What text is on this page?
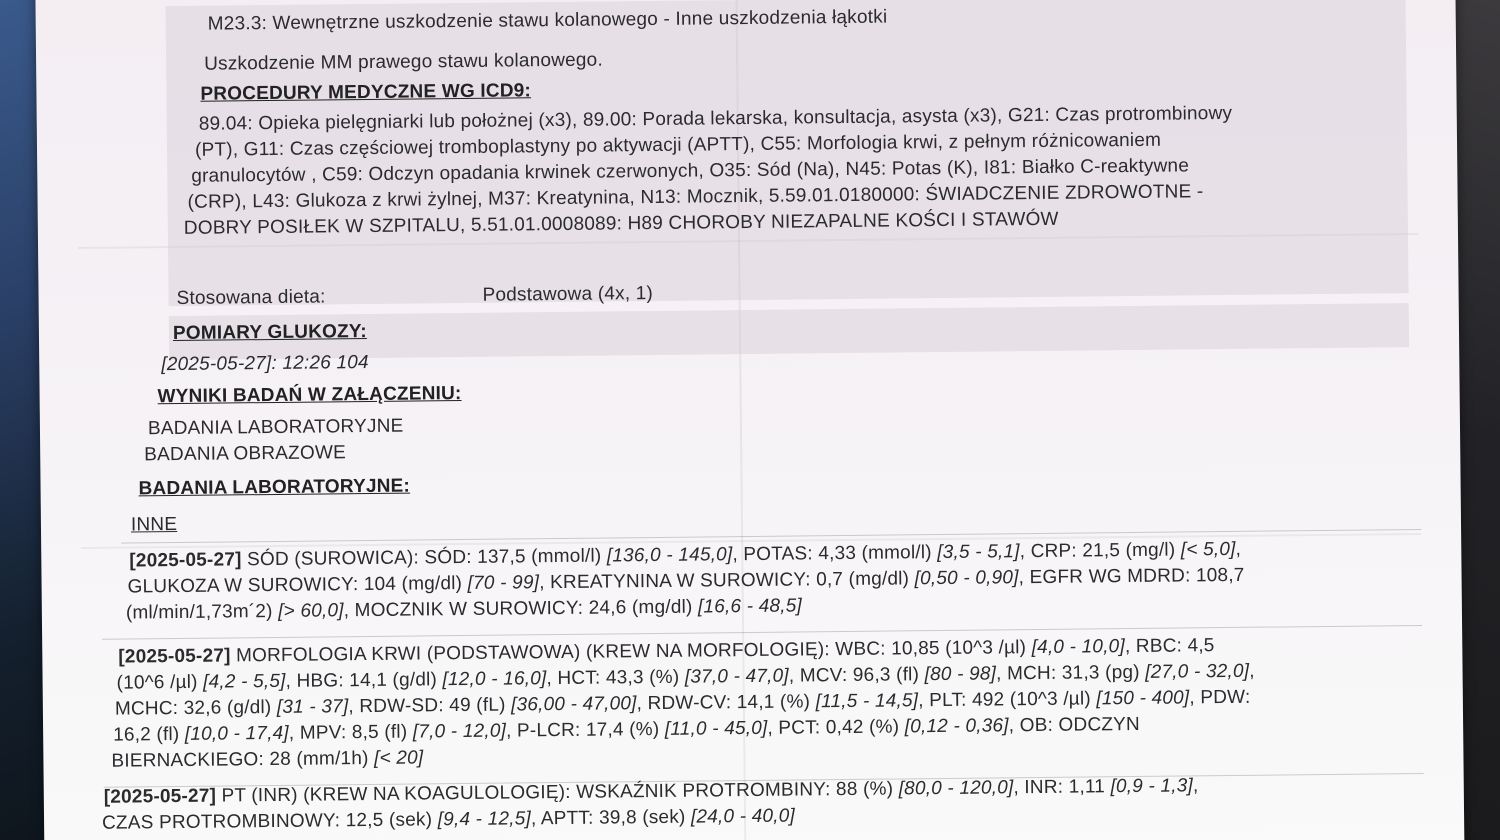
M23.3: Wewnętrzne uszkodzenie stawu kolanowego - Inne uszkodzenia łąkotki
Uszkodzenie MM prawego stawu kolanowego.
PROCEDURY MEDYCZNE WG ICD9:
89.04: Opieka pielęgniarki lub położnej (x3), 89.00: Porada lekarska, konsultacja, asysta (x3), G21: Czas protrombinowy
(PT), G11: Czas częściowej tromboplastyny po aktywacji (APTT), C55: Morfologia krwi, z pełnym różnicowaniem
granulocytów , C59: Odczyn opadania krwinek czerwonych, O35: Sód (Na), N45: Potas (K), I81: Białko C-reaktywne
(CRP), L43: Glukoza z krwi żylnej, M37: Kreatynina, N13: Mocznik, 5.59.01.0180000: ŚWIADCZENIE ZDROWOTNE -
DOBRY POSIŁEK W SZPITALU, 5.51.01.0008089: H89 CHOROBY NIEZAPALNE KOŚCI I STAWÓW
Stosowana dieta:	Podstawowa (4x, 1)
POMIARY GLUKOZY:
[2025-05-27]: 12:26 104
WYNIKI BADAŃ W ZAŁĄCZENIU:
BADANIA LABORATORYJNE
BADANIA OBRAZOWE
BADANIA LABORATORYJNE:
INNE
[2025-05-27] SÓD (SUROWICA): SÓD: 137,5 (mmol/l) [136,0 - 145,0], POTAS: 4,33 (mmol/l) [3,5 - 5,1], CRP: 21,5 (mg/l) [< 5,0],
GLUKOZA W SUROWICY: 104 (mg/dl) [70 - 99], KREATYNINA W SUROWICY: 0,7 (mg/dl) [0,50 - 0,90], EGFR WG MDRD: 108,7
(ml/min/1,73m´2) [> 60,0], MOCZNIK W SUROWICY: 24,6 (mg/dl) [16,6 - 48,5]
[2025-05-27] MORFOLOGIA KRWI (PODSTAWOWA) (KREW NA MORFOLOGIĘ): WBC: 10,85 (10^3 /µl) [4,0 - 10,0], RBC: 4,5
(10^6 /µl) [4,2 - 5,5], HBG: 14,1 (g/dl) [12,0 - 16,0], HCT: 43,3 (%) [37,0 - 47,0], MCV: 96,3 (fl) [80 - 98], MCH: 31,3 (pg) [27,0 - 32,0],
MCHC: 32,6 (g/dl) [31 - 37], RDW-SD: 49 (fL) [36,00 - 47,00], RDW-CV: 14,1 (%) [11,5 - 14,5], PLT: 492 (10^3 /µl) [150 - 400], PDW:
16,2 (fl) [10,0 - 17,4], MPV: 8,5 (fl) [7,0 - 12,0], P-LCR: 17,4 (%) [11,0 - 45,0], PCT: 0,42 (%) [0,12 - 0,36], OB: ODCZYN
BIERNACKIEGO: 28 (mm/1h) [< 20]
[2025-05-27] PT (INR) (KREW NA KOAGULOLOGIĘ): WSKAŹNIK PROTROMBINY: 88 (%) [80,0 - 120,0], INR: 1,11 [0,9 - 1,3],
CZAS PROTROMBINOWY: 12,5 (sek) [9,4 - 12,5], APTT: 39,8 (sek) [24,0 - 40,0]
